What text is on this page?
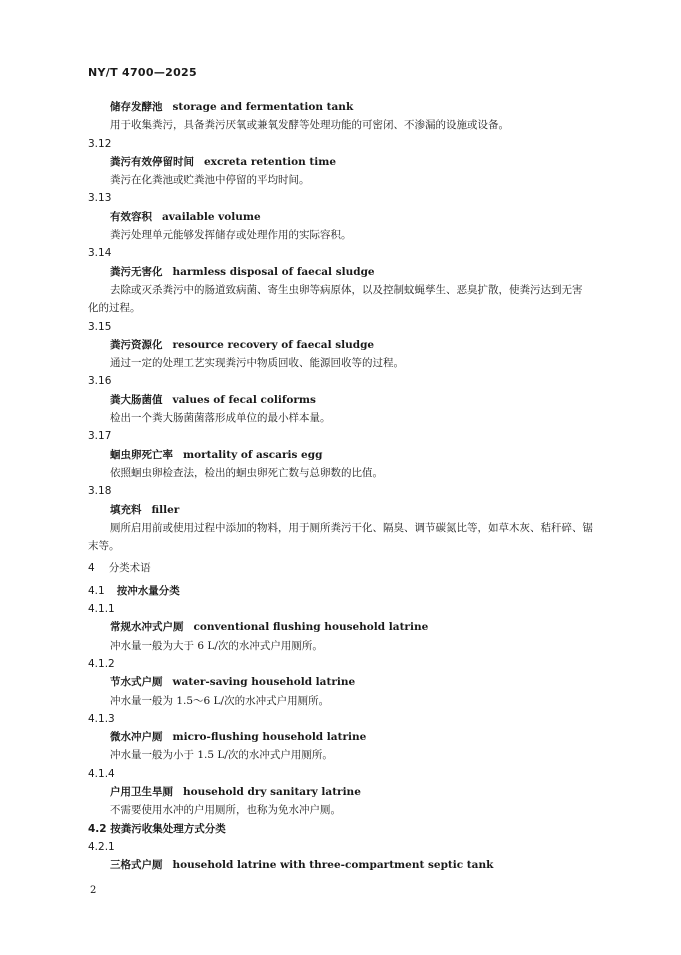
NY/T 4700—2025
储存发酵池 storage and fermentation tank
用于收集粪污，具备粪污厌氧或兼氧发酵等处理功能的可密闭、不渗漏的设施或设备。
3.12
粪污有效停留时间 excreta retention time
粪污在化粪池或贮粪池中停留的平均时间。
3.13
有效容积 available volume
粪污处理单元能够发挥储存或处理作用的实际容积。
3.14
粪污无害化 harmless disposal of faecal sludge
去除或灭杀粪污中的肠道致病菌、寄生虫卵等病原体，以及控制蚊蝇孳生、恶臭扩散，使粪污达到无害
化的过程。
3.15
粪污资源化 resource recovery of faecal sludge
通过一定的处理工艺实现粪污中物质回收、能源回收等的过程。
3.16
粪大肠菌值 values of fecal coliforms
检出一个粪大肠菌菌落形成单位的最小样本量。
3.17
蛔虫卵死亡率 mortality of ascaris egg
依照蛔虫卵检查法，检出的蛔虫卵死亡数与总卵数的比值。
3.18
填充料 filler
厕所启用前或使用过程中添加的物料，用于厕所粪污干化、隔臭、调节碳氮比等，如草木灰、秸秆碎、锯
末等。
4 分类术语
4.1 按冲水量分类
4.1.1
常规水冲式户厕 conventional flushing household latrine
冲水量一般为大于 6 L/次的水冲式户用厕所。
4.1.2
节水式户厕 water-saving household latrine
冲水量一般为 1.5～6 L/次的水冲式户用厕所。
4.1.3
微水冲户厕 micro-flushing household latrine
冲水量一般为小于 1.5 L/次的水冲式户用厕所。
4.1.4
户用卫生旱厕 household dry sanitary latrine
不需要使用水冲的户用厕所，也称为免水冲户厕。
4.2 按粪污收集处理方式分类
4.2.1
三格式户厕 household latrine with three-compartment septic tank
2
